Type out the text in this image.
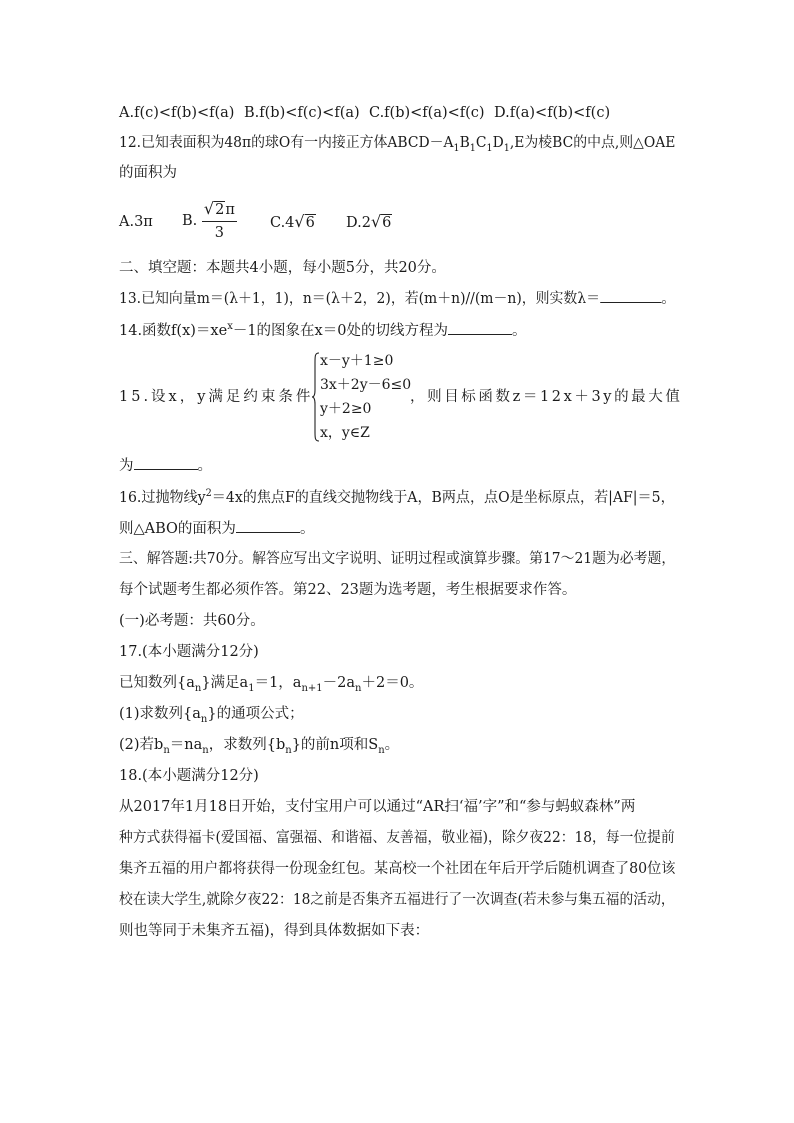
A.f(c)<f(b)<f(a) B.f(b)<f(c)<f(a) C.f(b)<f(a)<f(c) D.f(a)<f(b)<f(c)
12.已知表面积为48π的球O有一内接正方体$ABCD-A_1B_1C_1D_1,E$为棱BC的中点,则△OAE
的面积为
A.3π B. $\frac{√2\pi}{3} C.4√6$ D.2√6
二、填空题：本题共4小题，每小题5分，共20分。
13.已知向量m＝(λ＋1，1)，n＝(λ＋2，2)，若(m＋n)//(m－n)，则实数λ＝	。
14.函数$f(x)=xe^x-1$的图象在x＝0处的切线方程为	。
15.设x，y满足约束条件
x－y＋1≥0
3x＋2y－6≤0
y＋2≥0
x，y∈Z
，则目标函数z＝12x＋3y的最大值
为	。
16.过抛物线$y^2=4x$的焦点F的直线交抛物线于A，B两点，点O是坐标原点，若|AF|＝5，
则△ABO的面积为	。
三、解答题:共70分。解答应写出文字说明、证明过程或演算步骤。第17～21题为必考题，
每个试题考生都必须作答。第22、23题为选考题，考生根据要求作答。
(一)必考题：共60分。
17.(本小题满分12分)
已知数列$\{a_n\}$满足$a_1=1$，$a_{n+1}-2a_n+2=0$。
(1)求数列$\{a_n\}$的通项公式；
(2)若$b_n=na_n$，求数列$\{b_n\}$的前n项和$S_n$。
18.(本小题满分12分)
从2017年1月18日开始，支付宝用户可以通过“AR扫‘福’字”和“参与蚂蚁森林”两
种方式获得福卡(爱国福、富强福、和谐福、友善福，敬业福)，除夕夜22：18，每一位提前
集齐五福的用户都将获得一份现金红包。某高校一个社团在年后开学后随机调查了80位该
校在读大学生,就除夕夜22：18之前是否集齐五福进行了一次调查(若未参与集五福的活动，
则也等同于未集齐五福)，得到具体数据如下表：
